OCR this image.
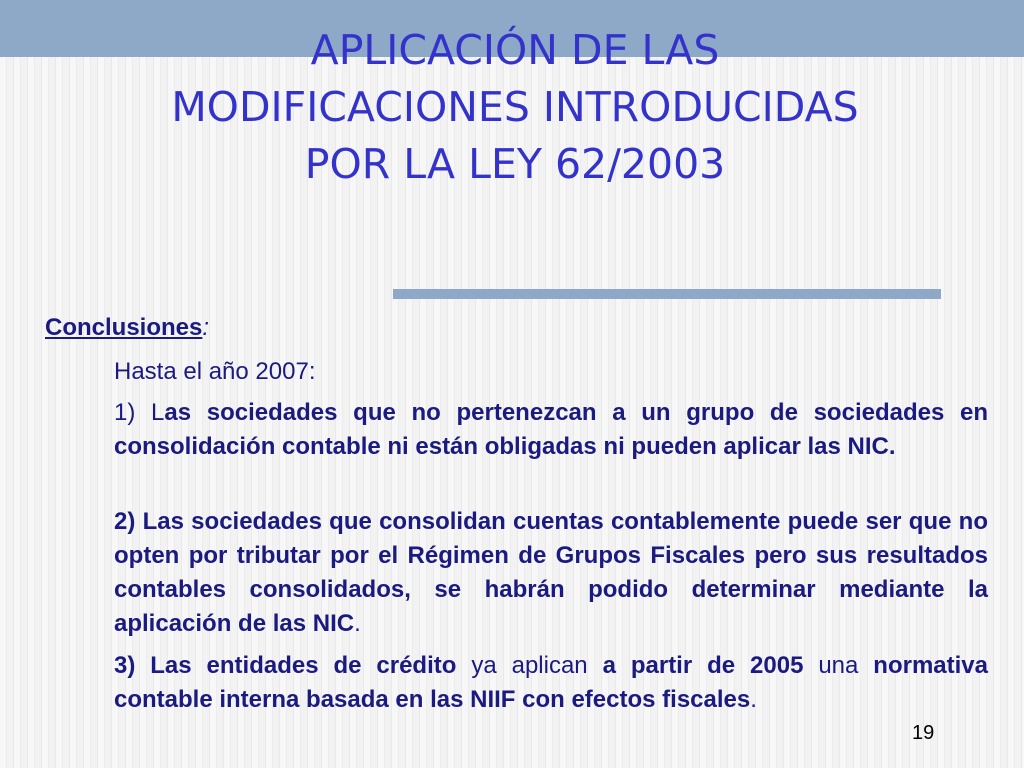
APLICACIÓN DE LAS
MODIFICACIONES INTRODUCIDAS
POR LA LEY 62/2003
Conclusiones:
Hasta el año 2007:

1) Las sociedades que no pertenezcan a un grupo de sociedades en consolidación contable ni están obligadas ni pueden aplicar las NIC.

2) Las sociedades que consolidan cuentas contablemente puede ser que no opten por tributar por el Régimen de Grupos Fiscales pero sus resultados contables consolidados, se habrán podido determinar mediante la aplicación de las NIC.

3) Las entidades de crédito ya aplican a partir de 2005 una normativa contable interna basada en las NIIF con efectos fiscales.

19
